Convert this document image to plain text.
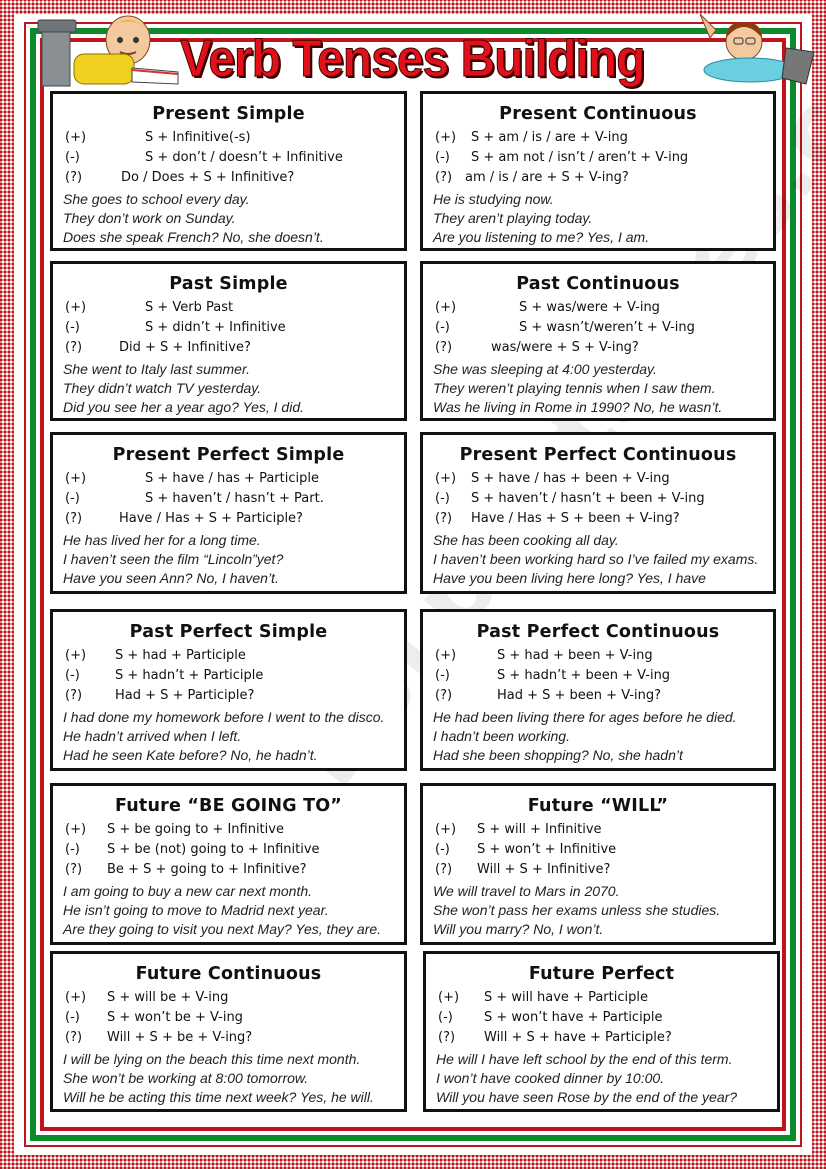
Verb Tenses Building
Present Simple
(+)	S + Infinitive(-s)
(-)	S + don’t / doesn’t + Infinitive
(?)	Do / Does + S + Infinitive?
She goes to school every day.
They don’t work on Sunday.
Does she speak French? No, she doesn’t.
Present Continuous
(+) S + am / is / are + V-ing
(-) S + am not / isn’t / aren’t + V-ing
(?) am / is / are + S + V-ing?
He is studying now.
They aren’t playing today.
Are you listening to me? Yes, I am.
Past Simple
(+)	S + Verb Past
(-)	S + didn’t + Infinitive
(?)	Did + S + Infinitive?
She went to Italy last summer.
They didn’t watch TV yesterday.
Did you see her a year ago? Yes, I did.
Past Continuous
(+)	S + was/were + V-ing
(-)	S + wasn’t/weren’t + V-ing
(?)	was/were + S + V-ing?
She was sleeping at 4:00 yesterday.
They weren’t playing tennis when I saw them.
Was he living in Rome in 1990? No, he wasn’t.
Present Perfect Simple
(+)	S + have / has + Participle
(-)	S + haven’t / hasn’t + Part.
(?)	Have / Has + S + Participle?
He has lived her for a long time.
I haven’t seen the film “Lincoln”yet?
Have you seen Ann? No, I haven’t.
Present Perfect Continuous
(+) S + have / has + been + V-ing
(-) S + haven’t / hasn’t + been + V-ing
(?) Have / Has + S + been + V-ing?
She has been cooking all day.
I haven’t been working hard so I’ve failed my exams.
Have you been living here long? Yes, I have
Past Perfect Simple
(+) S + had + Participle
(-)	S + hadn’t + Participle
(?)	Had + S + Participle?
I had done my homework before I went to the disco.
He hadn’t arrived when I left.
Had he seen Kate before? No, he hadn’t.
Past Perfect Continuous
(+)	S + had + been + V-ing
(-)	S + hadn’t + been + V-ing
(?)	Had + S + been + V-ing?
He had been living there for ages before he died.
I hadn’t been working.
Had she been shopping? No, she hadn’t
Future “BE GOING TO”
(+) S + be going to + Infinitive
(-) S + be (not) going to + Infinitive
(?) Be + S + going to + Infinitive?
I am going to buy a new car next month.
He isn’t going to move to Madrid next year.
Are they going to visit you next May? Yes, they are.
Future “WILL”
(+) S + will + Infinitive
(-) S + won’t + Infinitive
(?) Will + S + Infinitive?
We will travel to Mars in 2070.
She won’t pass her exams unless she studies.
Will you marry? No, I won’t.
Future Continuous
(+) S + will be + V-ing
(-) S + won’t be + V-ing
(?) Will + S + be + V-ing?
I will be lying on the beach this time next month.
She won’t be working at 8:00 tomorrow.
Will he be acting this time next week? Yes, he will.
Future Perfect
(+) S + will have + Participle
(-) S + won’t have + Participle
(?) Will + S + have + Participle?
He will I have left school by the end of this term.
I won’t have cooked dinner by 10:00.
Will you have seen Rose by the end of the year?
